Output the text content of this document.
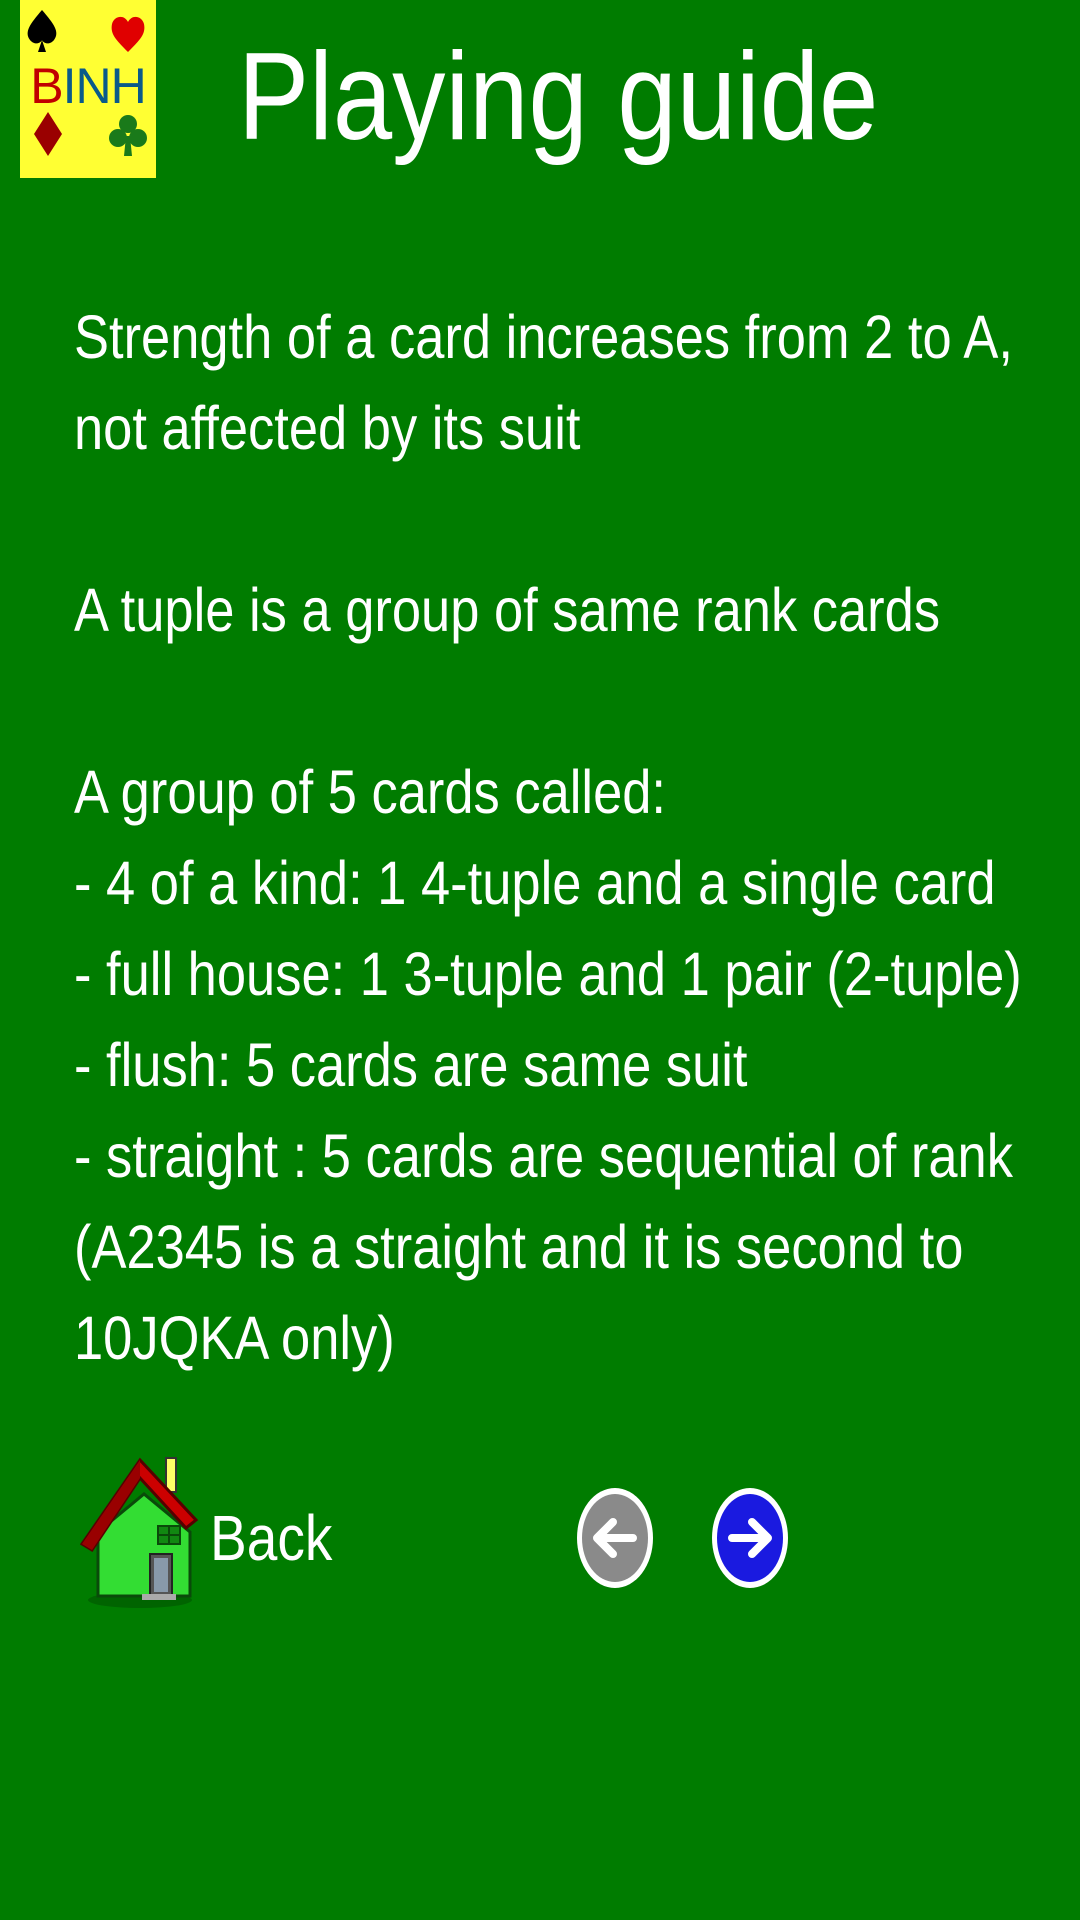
BINH Playing guide
Strength of a card increases from 2 to A,
not affected by its suit
A tuple is a group of same rank cards
A group of 5 cards called:
- 4 of a kind: 1 4-tuple and a single card
- full house: 1 3-tuple and 1 pair (2-tuple)
- flush: 5 cards are same suit
- straight : 5 cards are sequential of rank
(A2345 is a straight and it is second to
10JQKA only)
Back
